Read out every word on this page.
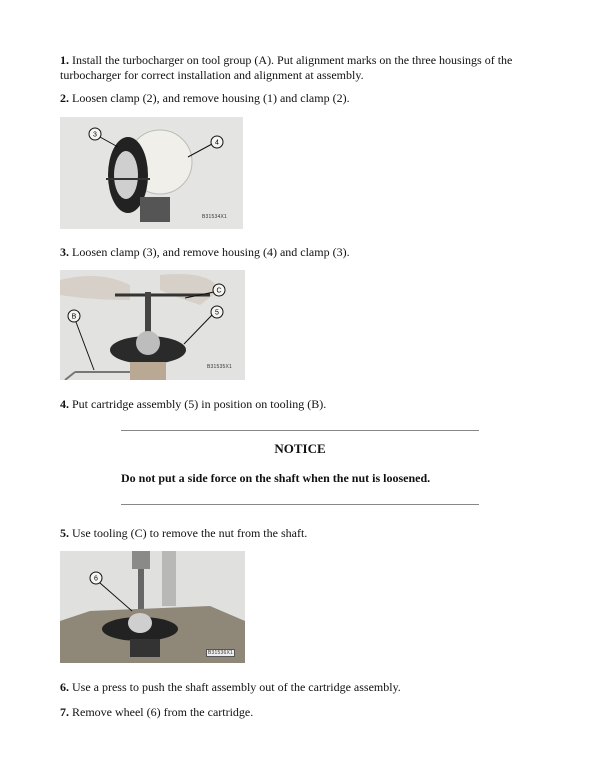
1. Install the turbocharger on tool group (A). Put alignment marks on the three housings of the turbocharger for correct installation and alignment at assembly.

2. Loosen clamp (2), and remove housing (1) and clamp (2).

3
4
B31534X1

3. Loosen clamp (3), and remove housing (4) and clamp (3).

C
5
B
B31535X1

4. Put cartridge assembly (5) in position on tooling (B).

NOTICE
Do not put a side force on the shaft when the nut is loosened.

5. Use tooling (C) to remove the nut from the shaft.

6
B31536X1

6. Use a press to push the shaft assembly out of the cartridge assembly.

7. Remove wheel (6) from the cartridge.
